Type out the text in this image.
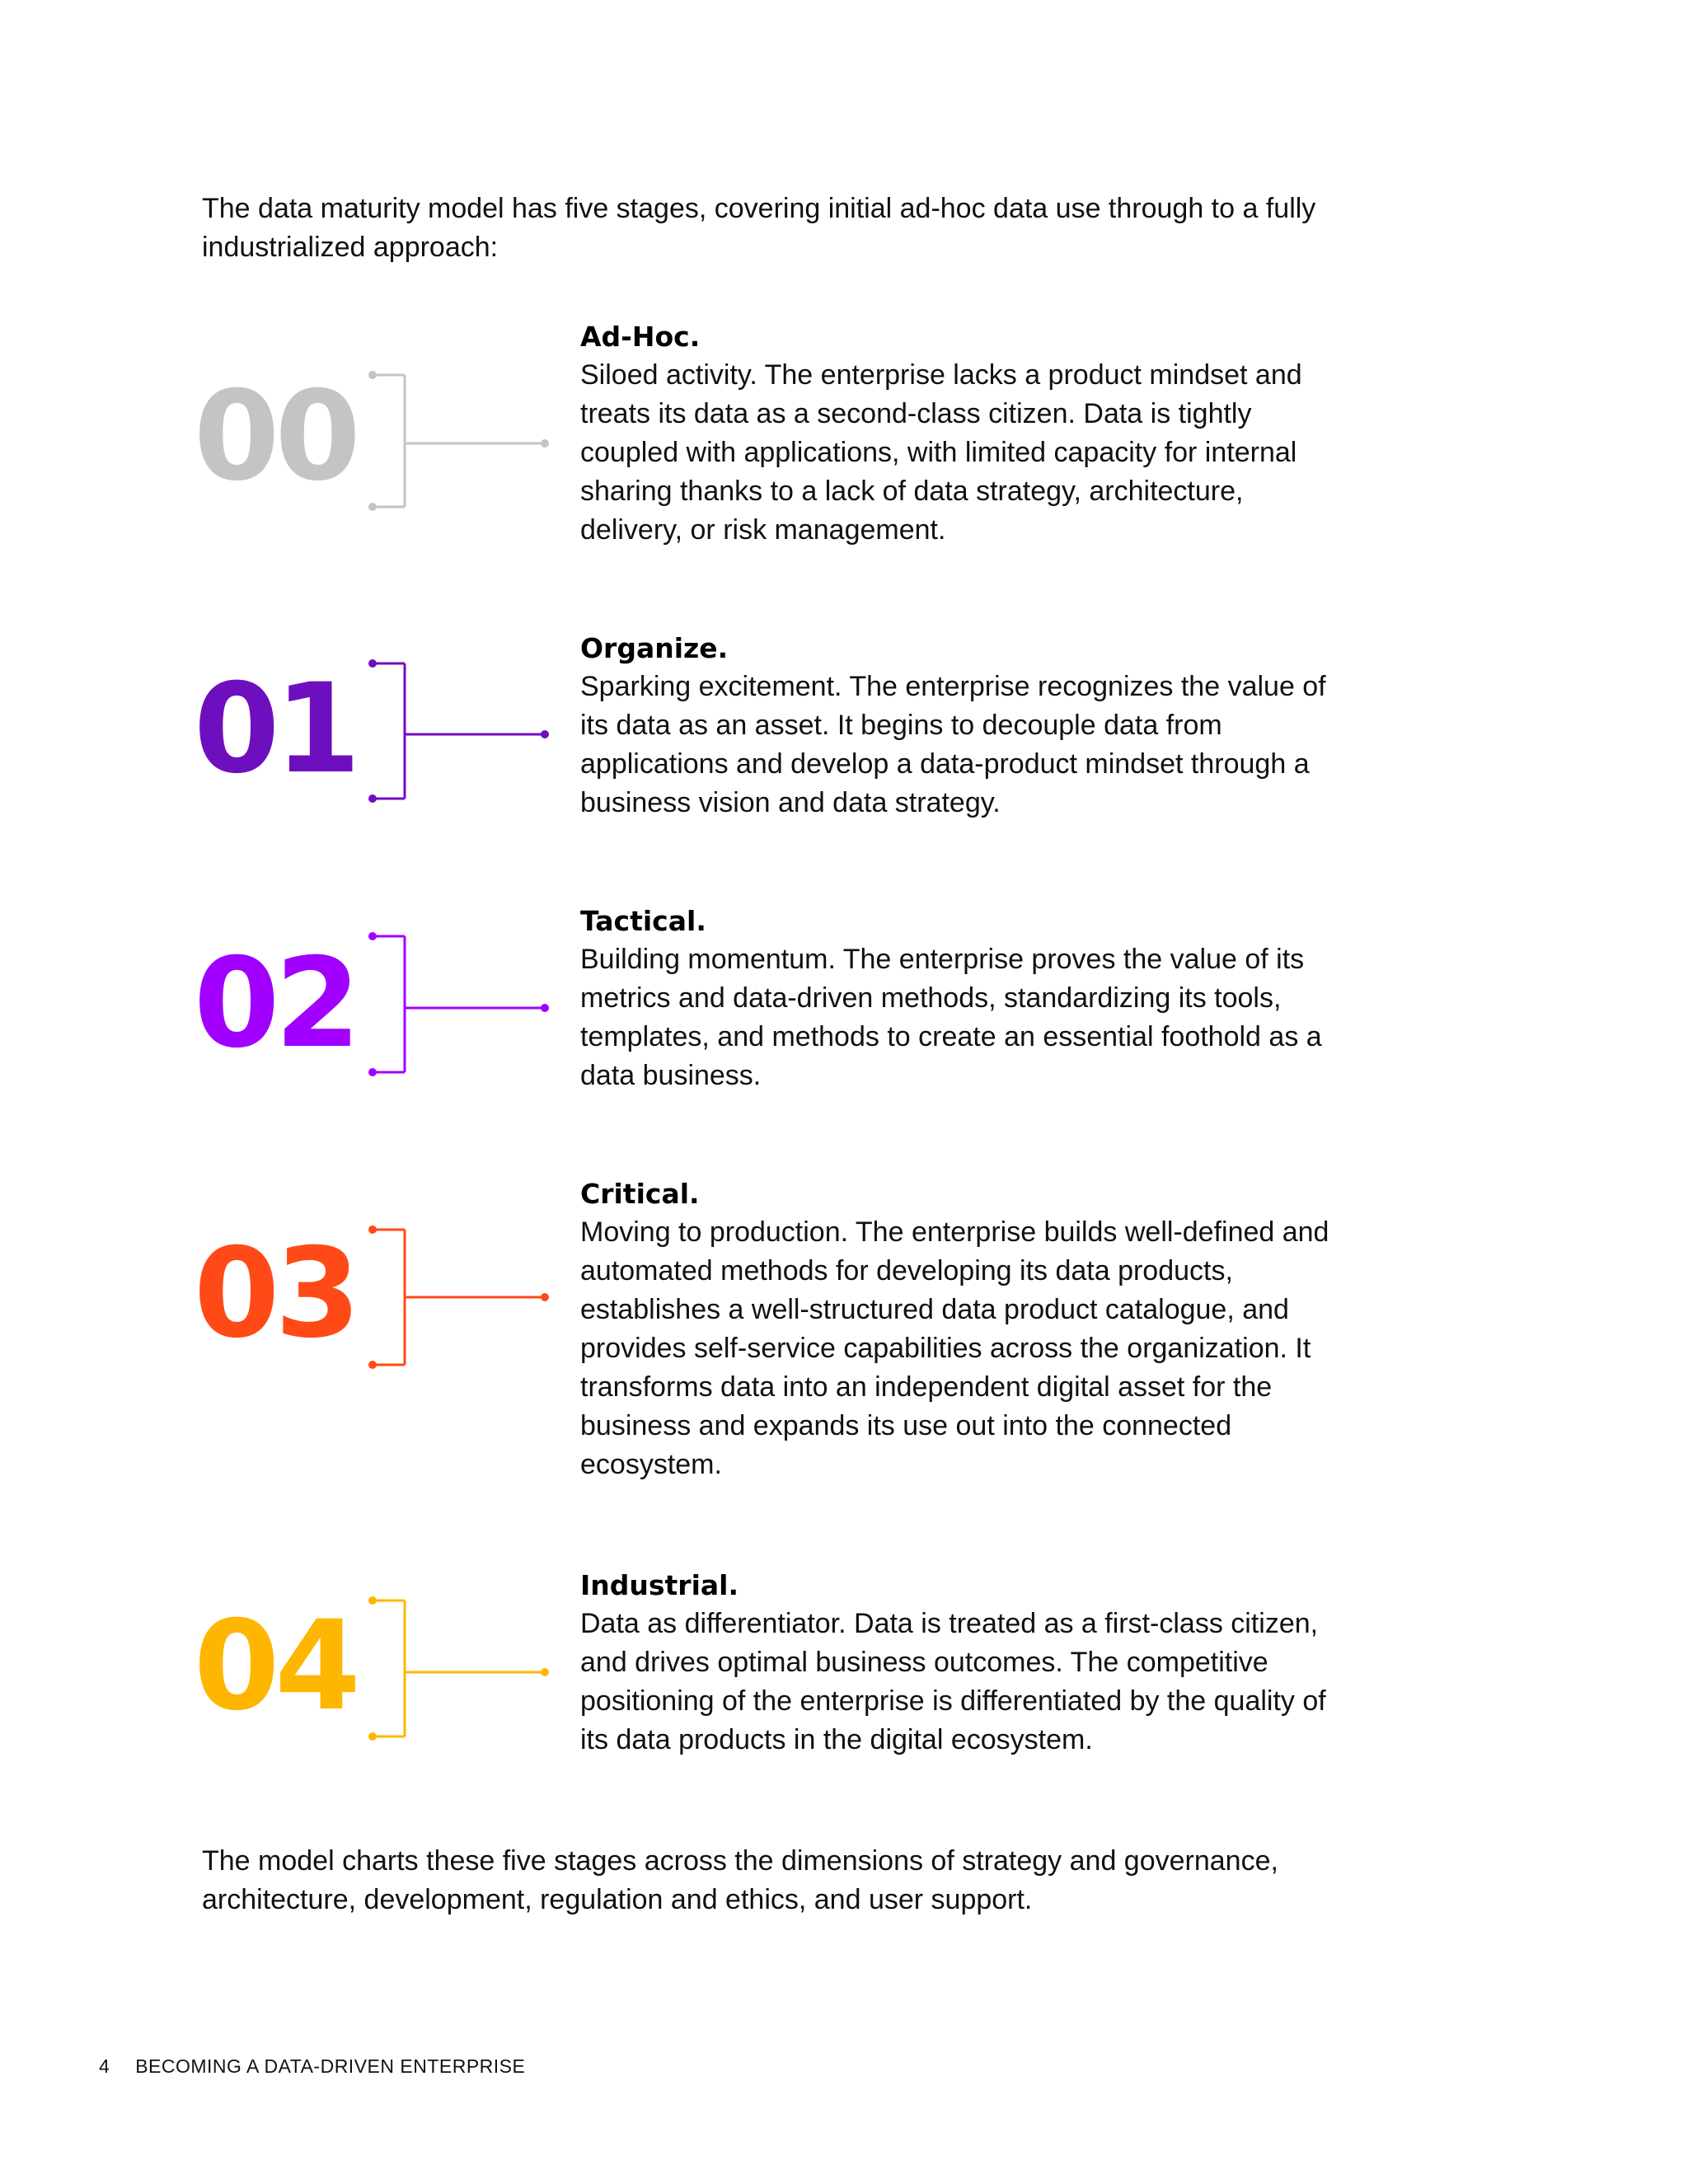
The data maturity model has five stages, covering initial ad-hoc data use through to a fully industrialized approach:

00
Ad-Hoc.
Siloed activity. The enterprise lacks a product mindset and treats its data as a second-class citizen. Data is tightly coupled with applications, with limited capacity for internal sharing thanks to a lack of data strategy, architecture, delivery, or risk management.
01
Organize.
Sparking excitement. The enterprise recognizes the value of its data as an asset. It begins to decouple data from applications and develop a data-product mindset through a business vision and data strategy.
02
Tactical.
Building momentum. The enterprise proves the value of its metrics and data-driven methods, standardizing its tools, templates, and methods to create an essential foothold as a data business.
03
Critical.
Moving to production. The enterprise builds well-defined and automated methods for developing its data products, establishes a well-structured data product catalogue, and provides self-service capabilities across the organization. It transforms data into an independent digital asset for the business and expands its use out into the connected ecosystem.
04
Industrial.
Data as differentiator. Data is treated as a first-class citizen, and drives optimal business outcomes. The competitive positioning of the enterprise is differentiated by the quality of its data products in the digital ecosystem.

The model charts these five stages across the dimensions of strategy and governance, architecture, development, regulation and ethics, and user support.

4 BECOMING A DATA-DRIVEN ENTERPRISE
